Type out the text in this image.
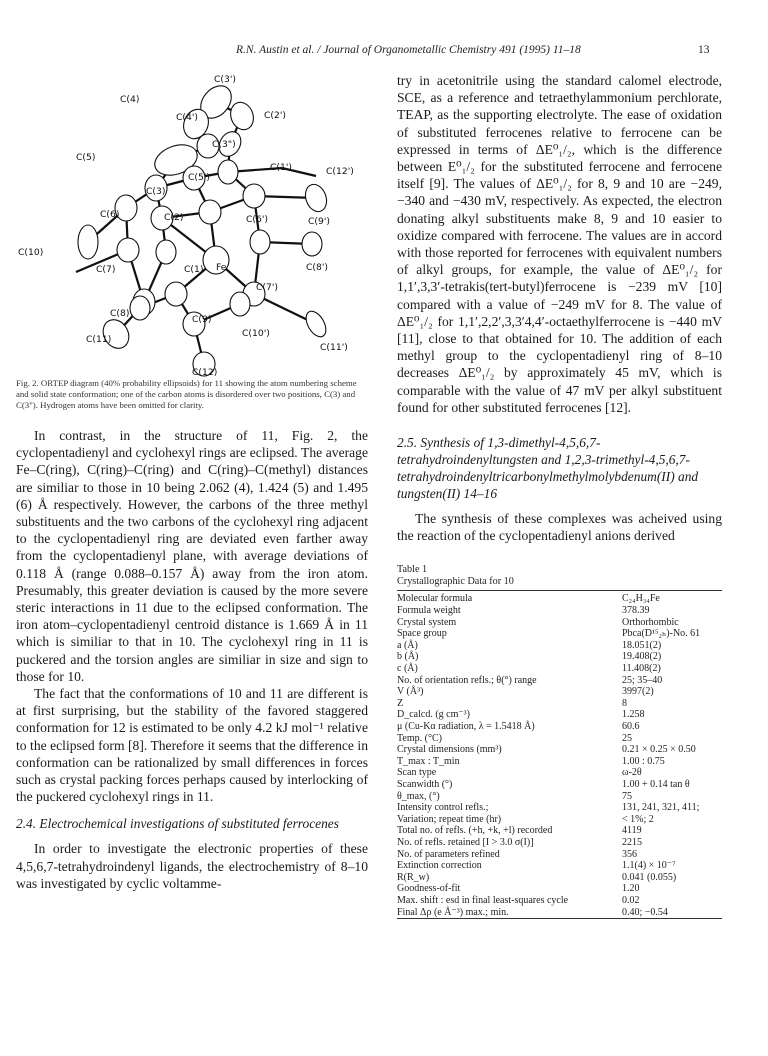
R.N. Austin et al. / Journal of Organometallic Chemistry 491 (1995) 11–18	13
C(3')
C(4)
C(4')	C(2')
C(3")
C(5)
C(5')
C(1')	C(12')
C(3)
C(6)	C(2)	C(6')	C(9')
C(10)
C(7)	C(1) Fe	C(8')
C(7')
C(8)
C(9)
C(10')
C(11')
C(11)
C(12)

Fig. 2. ORTEP diagram (40% probability ellipsoids) for 11 showing the atom numbering scheme and solid state conformation; one of the carbon atoms is disordered over two positions, C(3) and C(3"). Hydrogen atoms have been omitted for clarity.

In contrast, in the structure of 11, Fig. 2, the cyclopentadienyl and cyclohexyl rings are eclipsed. The average Fe–C(ring), C(ring)–C(ring) and C(ring)–C(methyl) distances are similiar to those in 10 being 2.062 (4), 1.424 (5) and 1.495 (6) Å respectively. However, the carbons of the three methyl substituents and the two carbons of the cyclohexyl ring adjacent to the cyclopentadienyl ring are deviated even farther away from the cyclopentadienyl plane, with average deviations of 0.118 Å (range 0.088–0.157 Å) away from the iron atom. Presumably, this greater deviation is caused by the more severe steric interactions in 11 due to the eclipsed conformation. The iron atom–cyclopentadienyl centroid distance is 1.669 Å in 11 which is similiar to that in 10. The cyclohexyl ring in 11 is puckered and the torsion angles are similiar in size and sign to those for 10.

The fact that the conformations of 10 and 11 are different is at first surprising, but the stability of the favored staggered conformation for 12 is estimated to be only 4.2 kJ mol⁻¹ relative to the eclipsed form [8]. Therefore it seems that the difference in conformation can be rationalized by small differences in forces such as crystal packing forces perhaps caused by interlocking of the puckered cyclohexyl rings in 11.

2.4. Electrochemical investigations of substituted ferrocenes

In order to investigate the electronic properties of these 4,5,6,7-tetrahydroindenyl ligands, the electrochemistry of 8–10 was investigated by cyclic voltamme-

try in acetonitrile using the standard calomel electrode, SCE, as a reference and tetraethylammonium perchlorate, TEAP, as the supporting electrolyte. The ease of oxidation of substituted ferrocenes relative to ferrocene can be expressed in terms of ΔE⁰₁/₂, which is the difference between E⁰₁/₂ for the substituted ferrocene and ferrocene itself [9]. The values of ΔE⁰₁/₂ for 8, 9 and 10 are −249, −340 and −430 mV, respectively. As expected, the electron donating alkyl substituents make 8, 9 and 10 easier to oxidize compared with ferrocene. The values are in accord with those reported for ferrocenes with equivalent numbers of alkyl groups, for example, the value of ΔE⁰₁/₂ for 1,1′,3,3′-tetrakis(tert-butyl)ferrocene is −239 mV [10] compared with a value of −249 mV for 8. The value of ΔE⁰₁/₂ for 1,1′,2,2′,3,3′4,4′-octaethylferrocene is −440 mV [11], close to that obtained for 10. The addition of each methyl group to the cyclopentadienyl ring of 8–10 decreases ΔE⁰₁/₂ by approximately 45 mV, which is comparable with the value of 47 mV per alkyl substituent found for other substituted ferrocenes [12].

2.5. Synthesis of 1,3-dimethyl-4,5,6,7-tetrahydroindenyltungsten and 1,2,3-trimethyl-4,5,6,7-tetrahydroindenyltricarbonylmethylmolybdenum(II) and tungsten(II) 14–16

The synthesis of these complexes was acheived using the reaction of the cyclopentadienyl anions derived

Table 1

Crystallographic Data for 10

Molecular formula	C₂₄H₃₄Fe
Formula weight	378.39
Crystal system	Orthorhombic
Space group	Pbca(D¹⁵₂ₕ)-No. 61
a (Å)	18.051(2)
b (Å)	19.408(2)
c (Å)	11.408(2)
No. of orientation refls.; θ(°) range	25; 35–40
V (Å³)	3997(2)
Z	8
D_calcd. (g cm⁻³)	1.258
μ (Cu-Kα radiation, λ = 1.5418 Å)	60.6
Temp. (°C)	25
Crystal dimensions (mm³)	0.21 × 0.25 × 0.50
T_max : T_min	1.00 : 0.75
Scan type	ω-2θ
Scanwidth (°)	1.00 + 0.14 tan θ
θ_max, (°)	75
Intensity control refls.;	131, 241, 321, 411;
Variation; repeat time (hr)	< 1%; 2
Total no. of refls. (+h, +k, +l) recorded	4119
No. of refls. retained [I > 3.0 σ(I)]	2215
No. of parameters refined	356
Extinction correction	1.1(4) × 10⁻⁷
R(R_w)	0.041 (0.055)
Goodness-of-fit	1.20
Max. shift : esd in final least-squares cycle	0.02
Final Δρ (e Å⁻³) max.; min.	0.40; −0.54
